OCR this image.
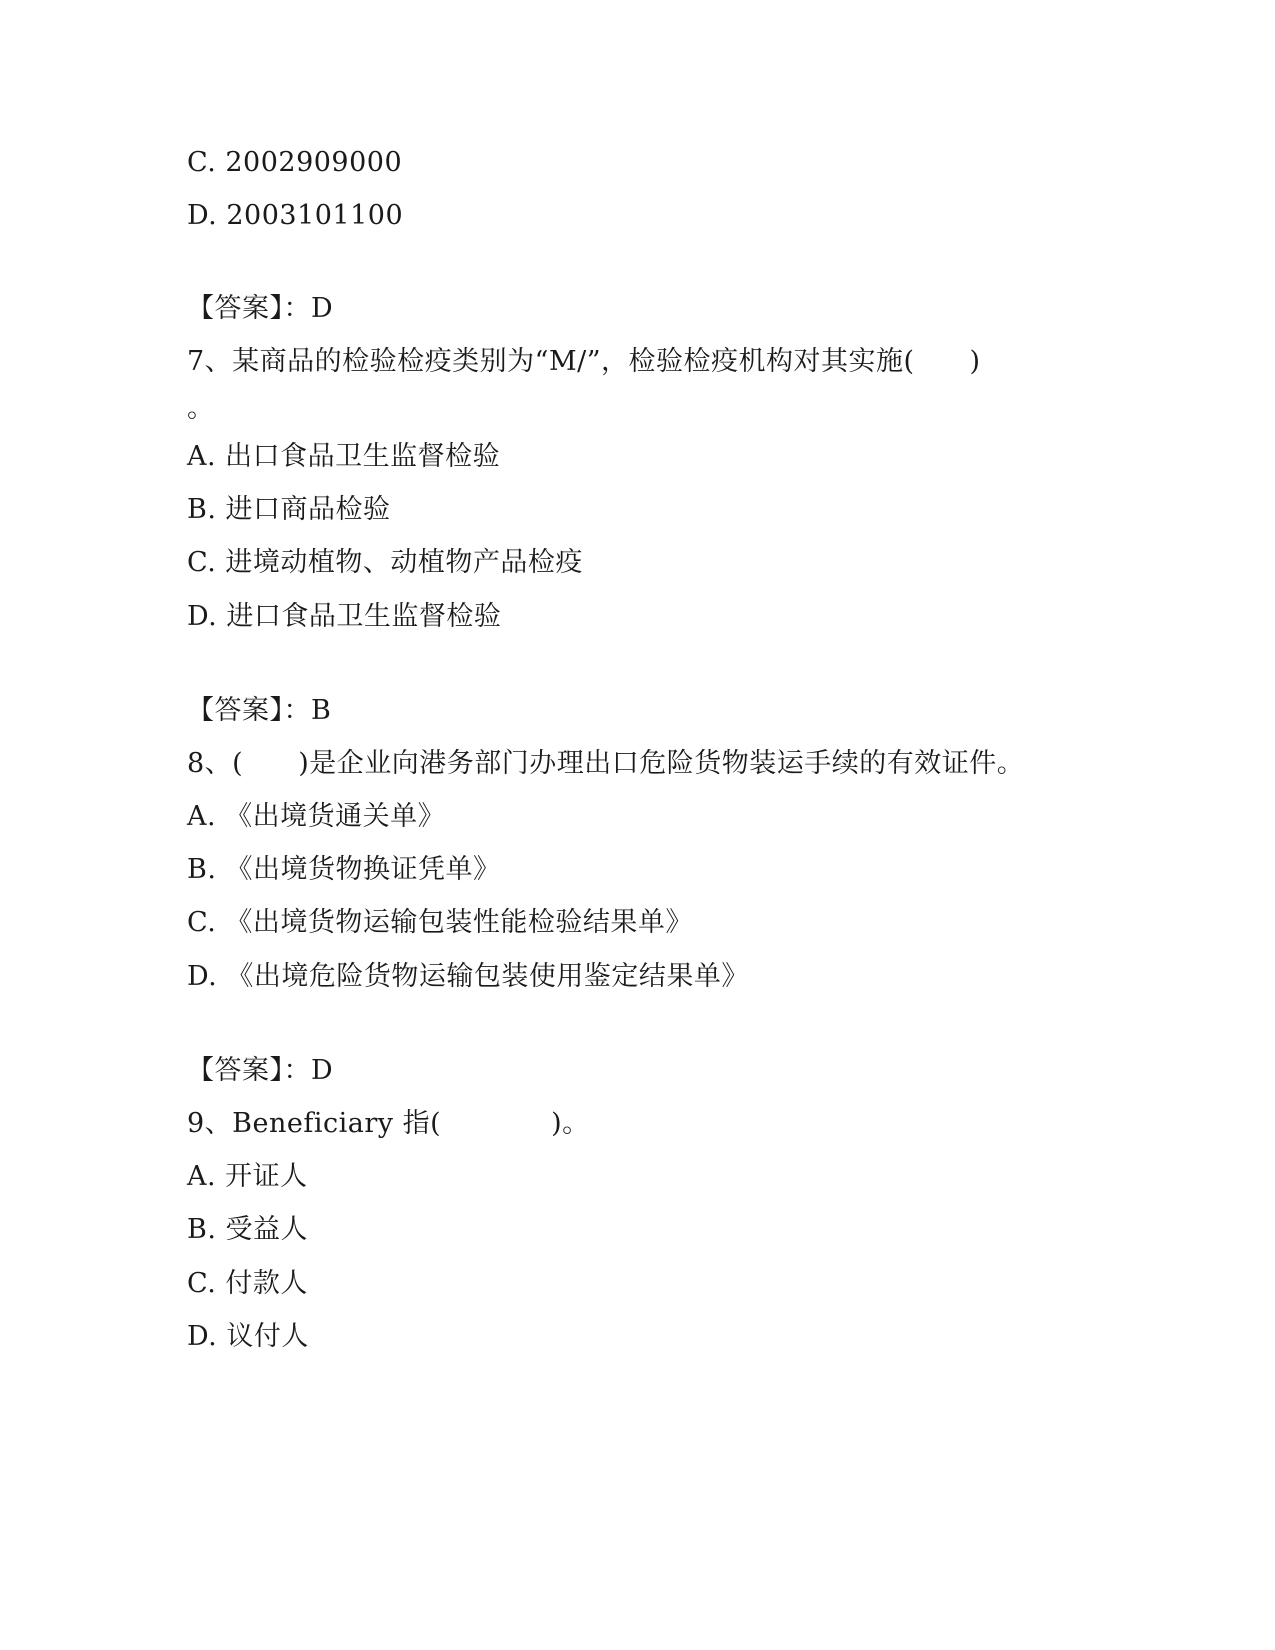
C. 2002909000
D. 2003101100
【答案】：D
7、某商品的检验检疫类别为“M/”，检验检疫机构对其实施(　　)
。
A. 出口食品卫生监督检验
B. 进口商品检验
C. 进境动植物、动植物产品检疫
D. 进口食品卫生监督检验
【答案】：B
8、(　　)是企业向港务部门办理出口危险货物装运手续的有效证件。
A. 《出境货通关单》
B. 《出境货物换证凭单》
C. 《出境货物运输包装性能检验结果单》
D. 《出境危险货物运输包装使用鉴定结果单》
【答案】：D
9、Beneficiary 指(　　　　)。
A. 开证人
B. 受益人
C. 付款人
D. 议付人
